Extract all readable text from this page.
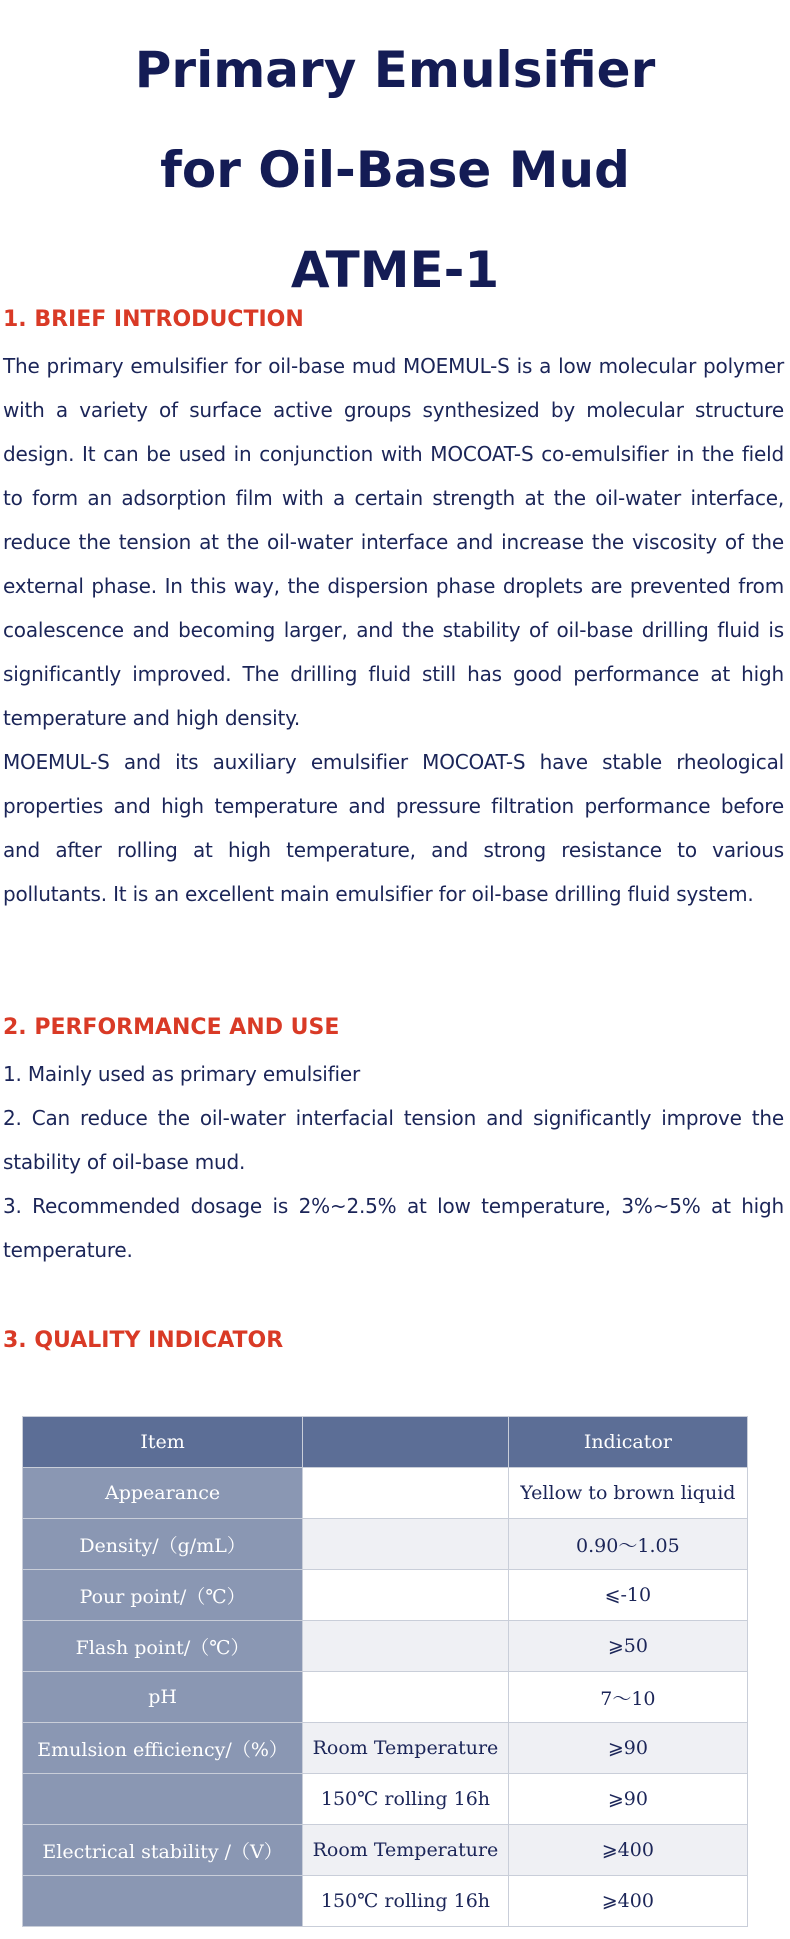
Primary Emulsifier
for Oil-Base Mud
ATME-1
1. BRIEF INTRODUCTION

The primary emulsifier for oil-base mud MOEMUL-S is a low molecular polymer with a variety of surface active groups synthesized by molecular structure design. It can be used in conjunction with MOCOAT-S co-emulsifier in the field to form an adsorption film with a certain strength at the oil-water interface, reduce the tension at the oil-water interface and increase the viscosity of the external phase. In this way, the dispersion phase droplets are prevented from coalescence and becoming larger, and the stability of oil-base drilling fluid is significantly improved. The drilling fluid still has good performance at high temperature and high density.

MOEMUL-S and its auxiliary emulsifier MOCOAT-S have stable rheological properties and high temperature and pressure filtration performance before and after rolling at high temperature, and strong resistance to various pollutants. It is an excellent main emulsifier for oil-base drilling fluid system.

2. PERFORMANCE AND USE

1. Mainly used as primary emulsifier

2. Can reduce the oil-water interfacial tension and significantly improve the stability of oil-base mud.

3. Recommended dosage is 2%~2.5% at low temperature, 3%~5% at high temperature.

3. QUALITY INDICATOR
Item		Indicator
Appearance		Yellow to brown liquid
Density/（g/mL）		0.90～1.05
Pour point/（℃）		⩽-10
Flash point/（℃）		⩾50
pH		7～10
Emulsion efficiency/（%）	Room Temperature	⩾90
	150℃ rolling 16h	⩾90
Electrical stability /（V）	Room Temperature	⩾400
	150℃ rolling 16h	⩾400
